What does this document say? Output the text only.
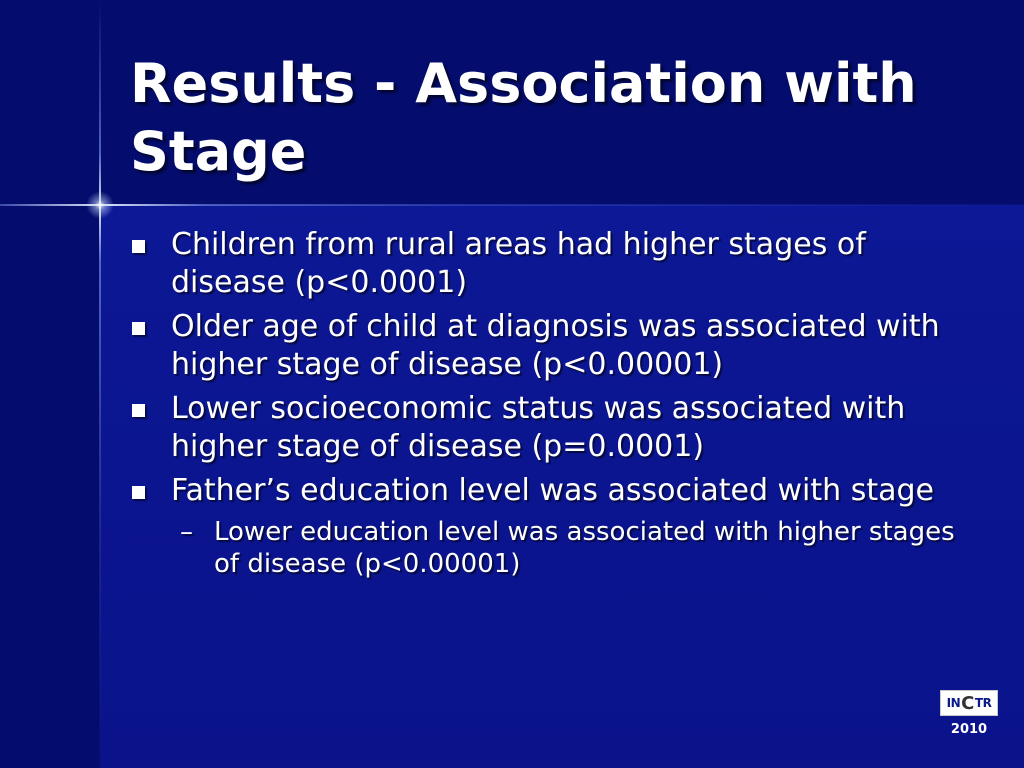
Results - Association with Stage
Children from rural areas had higher stages of disease (p<0.0001)
Older age of child at diagnosis was associated with higher stage of disease (p<0.00001)
Lower socioeconomic status was associated with higher stage of disease (p=0.0001)
Father’s education level was associated with stage
– Lower education level was associated with higher stages of disease (p<0.00001)
IN C TR
2010
